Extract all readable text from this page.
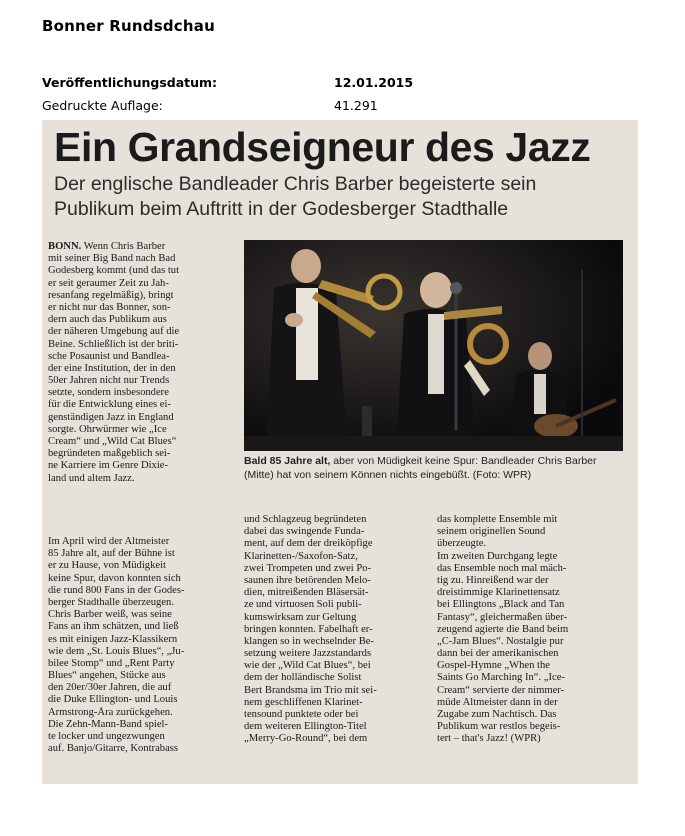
Bonner Rundsdchau
Veröffentlichungsdatum:	12.01.2015
Gedruckte Auflage:	41.291
Ein Grandseigneur des Jazz
Der englische Bandleader Chris Barber begeisterte sein
Publikum beim Auftritt in der Godesberger Stadthalle
BONN. Wenn Chris Barber
mit seiner Big Band nach Bad
Godesberg kommt (und das tut
er seit geraumer Zeit zu Jah-
resanfang regelmäßig), bringt
er nicht nur das Bonner, son-
dern auch das Publikum aus
der näheren Umgebung auf die
Beine. Schließlich ist der briti-
sche Posaunist und Bandlea-
der eine Institution, der in den
50er Jahren nicht nur Trends
setzte, sondern insbesondere
für die Entwicklung eines ei-
genständigen Jazz in England
sorgte. Ohrwürmer wie „Ice
Cream“ und „Wild Cat Blues“
begründeten maßgeblich sei-
ne Karriere im Genre Dixie-
land und altem Jazz.
Im April wird der Altmeister
85 Jahre alt, auf der Bühne ist
er zu Hause, von Müdigkeit
keine Spur, davon konnten sich
die rund 800 Fans in der Godes-
berger Stadthalle überzeugen.
Chris Barber weiß, was seine
Fans an ihm schätzen, und ließ
es mit einigen Jazz-Klassikern
wie dem „St. Louis Blues“, „Ju-
bilee Stomp“ und „Rent Party
Blues“ angehen, Stücke aus
den 20er/30er Jahren, die auf
die Duke Ellington- und Louis
Armstrong-Ära zurückgehen.
Die Zehn-Mann-Band spiel-
te locker und ungezwungen
auf. Banjo/Gitarre, Kontrabass
Bald 85 Jahre alt, aber von Müdigkeit keine Spur: Bandleader Chris Barber (Mitte) hat von seinem Können nichts eingebüßt. (Foto: WPR)
und Schlagzeug begründeten
dabei das swingende Funda-
ment, auf dem der dreiköpfige
Klarinetten-/Saxofon-Satz,
zwei Trompeten und zwei Po-
saunen ihre betörenden Melo-
dien, mitreißenden Bläsersät-
ze und virtuosen Soli publi-
kumswirksam zur Geltung
bringen konnten. Fabelhaft er-
klangen so in wechselnder Be-
setzung weitere Jazzstandards
wie der „Wild Cat Blues“, bei
dem der holländische Solist
Bert Brandsma im Trio mit sei-
nem geschliffenen Klarinet-
tensound punktete oder bei
dem weiteren Ellington-Titel
„Merry-Go-Round“, bei dem
das komplette Ensemble mit
seinem originellen Sound
überzeugte.
Im zweiten Durchgang legte
das Ensemble noch mal mäch-
tig zu. Hinreißend war der
dreistimmige Klarinettensatz
bei Ellingtons „Black and Tan
Fantasy“, gleichermaßen über-
zeugend agierte die Band beim
„C-Jam Blues“. Nostalgie pur
dann bei der amerikanischen
Gospel-Hymne „When the
Saints Go Marching In“. „Ice-
Cream“ servierte der nimmer-
müde Altmeister dann in der
Zugabe zum Nachtisch. Das
Publikum war restlos begeis-
tert – that's Jazz! (WPR)
